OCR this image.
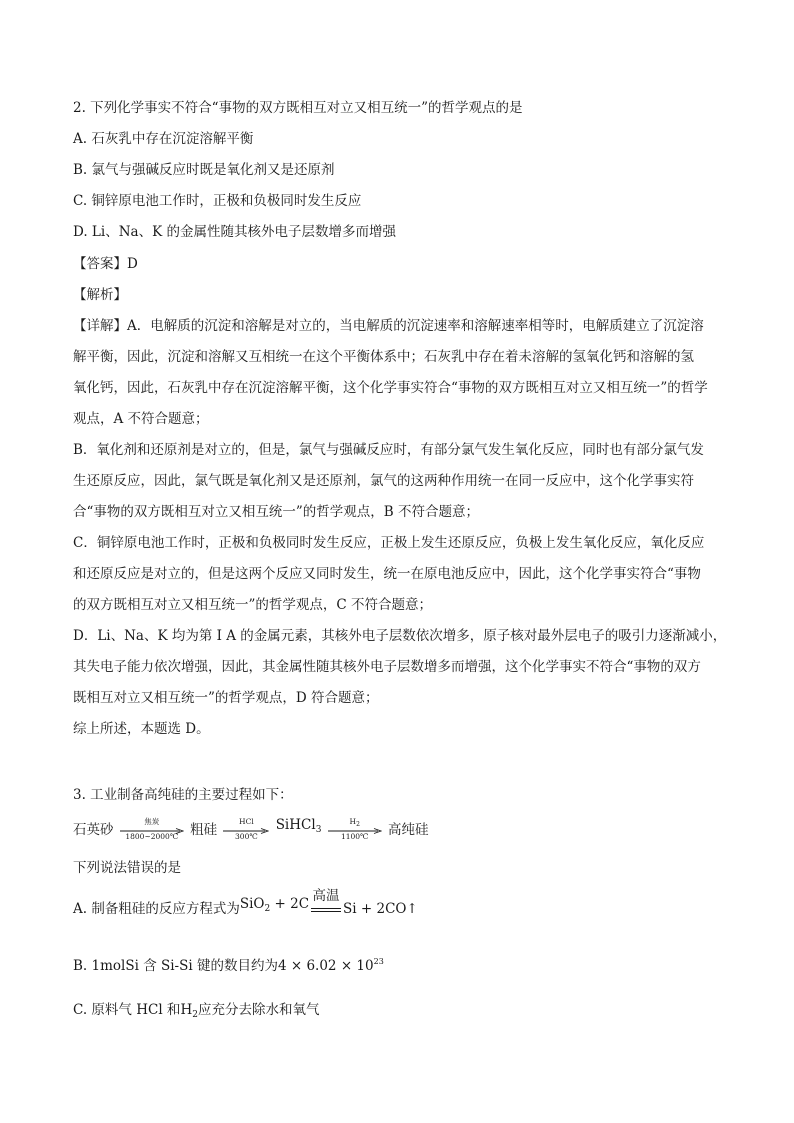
2. 下列化学事实不符合“事物的双方既相互对立又相互统一”的哲学观点的是
A. 石灰乳中存在沉淀溶解平衡
B. 氯气与强碱反应时既是氧化剂又是还原剂
C. 铜锌原电池工作时，正极和负极同时发生反应
D. Li、Na、K 的金属性随其核外电子层数增多而增强
【答案】D
【解析】
【详解】A．电解质的沉淀和溶解是对立的，当电解质的沉淀速率和溶解速率相等时，电解质建立了沉淀溶
解平衡，因此，沉淀和溶解又互相统一在这个平衡体系中；石灰乳中存在着未溶解的氢氧化钙和溶解的氢
氧化钙，因此，石灰乳中存在沉淀溶解平衡，这个化学事实符合“事物的双方既相互对立又相互统一”的哲学
观点，A 不符合题意；
B．氧化剂和还原剂是对立的，但是，氯气与强碱反应时，有部分氯气发生氧化反应，同时也有部分氯气发
生还原反应，因此，氯气既是氧化剂又是还原剂，氯气的这两种作用统一在同一反应中，这个化学事实符
合“事物的双方既相互对立又相互统一”的哲学观点，B 不符合题意；
C．铜锌原电池工作时，正极和负极同时发生反应，正极上发生还原反应，负极上发生氧化反应，氧化反应
和还原反应是对立的，但是这两个反应又同时发生，统一在原电池反应中，因此，这个化学事实符合“事物
的双方既相互对立又相互统一”的哲学观点，C 不符合题意；
D．Li、Na、K 均为第 I A 的金属元素，其核外电子层数依次增多，原子核对最外层电子的吸引力逐渐减小，
其失电子能力依次增强，因此，其金属性随其核外电子层数增多而增强，这个化学事实不符合“事物的双方
既相互对立又相互统一”的哲学观点，D 符合题意；
综上所述，本题选 D。
3. 工业制备高纯硅的主要过程如下：
石英砂
焦炭
1800~2000℃ 粗硅
HCl
300℃
SiHCl$_3$
$H_2$
1100℃	高纯硅
下列说法错误的是
A. 制备粗硅的反应方程式为SiO$_2$ + 2C 高温
Si + 2CO↑
B. 1molSi 含 Si-Si 键的数目约为$4 \times 6.02 \times 10^{23}$
C. 原料气 HCl 和$H_2$应充分去除水和氧气
